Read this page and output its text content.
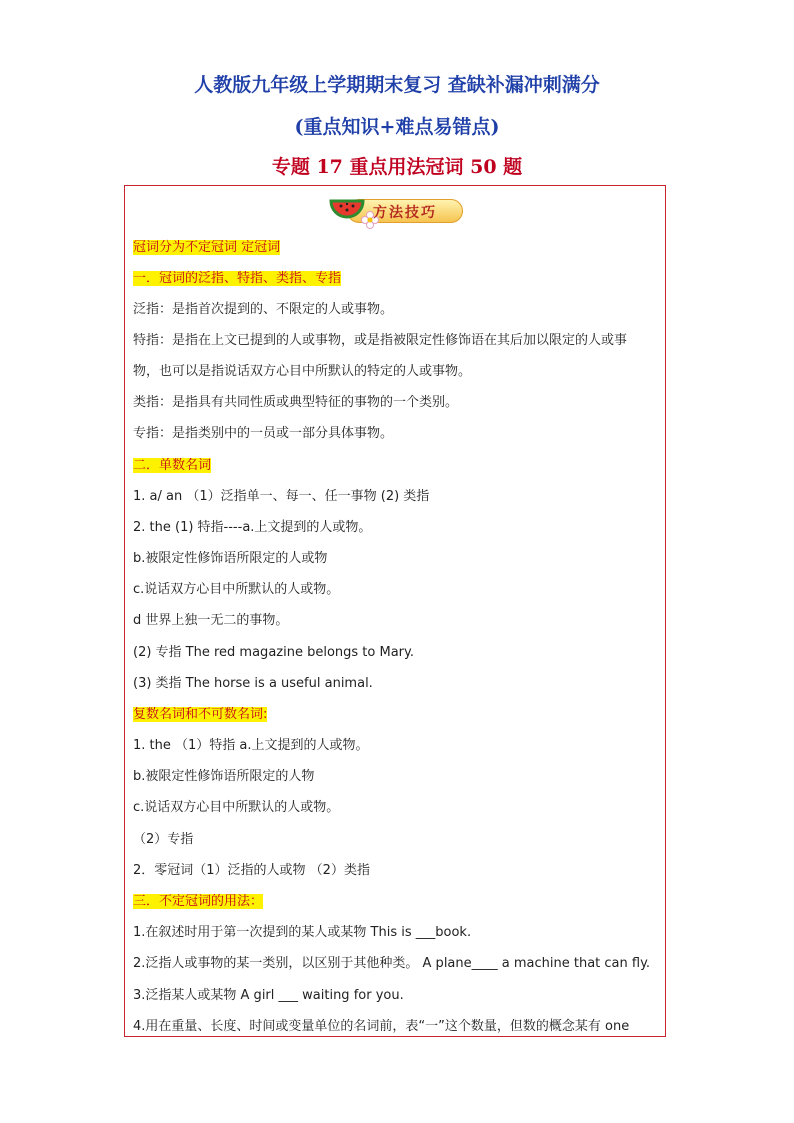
人教版九年级上学期期末复习 查缺补漏冲刺满分
(重点知识+难点易错点)
专题 17 重点用法冠词 50 题
方法技巧
冠词分为不定冠词 定冠词
一．冠词的泛指、特指、类指、专指
泛指：是指首次提到的、不限定的人或事物。
特指：是指在上文已提到的人或事物，或是指被限定性修饰语在其后加以限定的人或事
物，也可以是指说话双方心目中所默认的特定的人或事物。
类指：是指具有共同性质或典型特征的事物的一个类别。
专指：是指类别中的一员或一部分具体事物。
二．单数名词
1. a/ an （1）泛指单一、每一、任一事物 (2) 类指
2. the (1) 特指----a.上文提到的人或物。
b.被限定性修饰语所限定的人或物
c.说话双方心目中所默认的人或物。
d 世界上独一无二的事物。
(2) 专指 The red magazine belongs to Mary.
(3) 类指 The horse is a useful animal.
复数名词和不可数名词:
1. the （1）特指 a.上文提到的人或物。
b.被限定性修饰语所限定的人物
c.说话双方心目中所默认的人或物。
（2）专指
2．零冠词（1）泛指的人或物 （2）类指
三．不定冠词的用法：
1.在叙述时用于第一次提到的某人或某物 This is ___book.
2.泛指人或事物的某一类别，以区别于其他种类。 A plane____ a machine that can fly.
3.泛指某人或某物 A girl ___ waiting for you.
4.用在重量、长度、时间或变量单位的名词前，表“一”这个数量，但数的概念某有 one
